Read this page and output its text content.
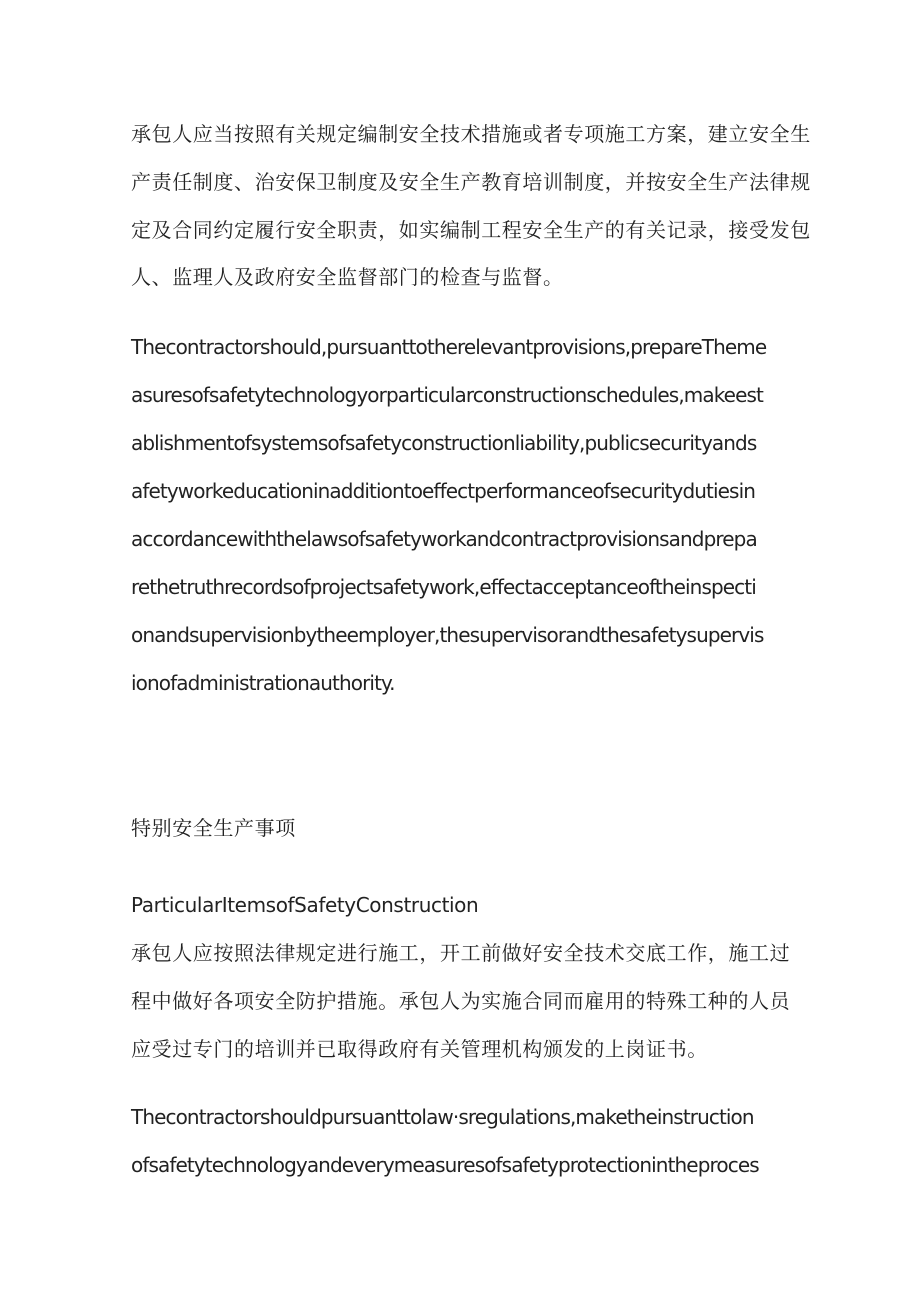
承包人应当按照有关规定编制安全技术措施或者专项施工方案，建立安全生
产责任制度、治安保卫制度及安全生产教育培训制度，并按安全生产法律规
定及合同约定履行安全职责，如实编制工程安全生产的有关记录，接受发包
人、监理人及政府安全监督部门的检查与监督。
Thecontractorshould,pursuanttotherelevantprovisions,prepareTheme
asuresofsafetytechnologyorparticularconstructionschedules,makeest
ablishmentofsystemsofsafetyconstructionliability,publicsecurityands
afetyworkeducationinadditiontoeffectperformanceofsecuritydutiesin
accordancewiththelawsofsafetyworkandcontractprovisionsandprepa
rethetruthrecordsofprojectsafetywork,effectacceptanceoftheinspecti
onandsupervisionbytheemployer,thesupervisorandthesafetysupervis
ionofadministrationauthority.
特别安全生产事项
ParticularItemsofSafetyConstruction
承包人应按照法律规定进行施工，开工前做好安全技术交底工作，施工过
程中做好各项安全防护措施。承包人为实施合同而雇用的特殊工种的人员
应受过专门的培训并已取得政府有关管理机构颁发的上岗证书。
Thecontractorshouldpursuanttolaw·sregulations,maketheinstruction
ofsafetytechnologyandeverymeasuresofsafetyprotectionintheproces
